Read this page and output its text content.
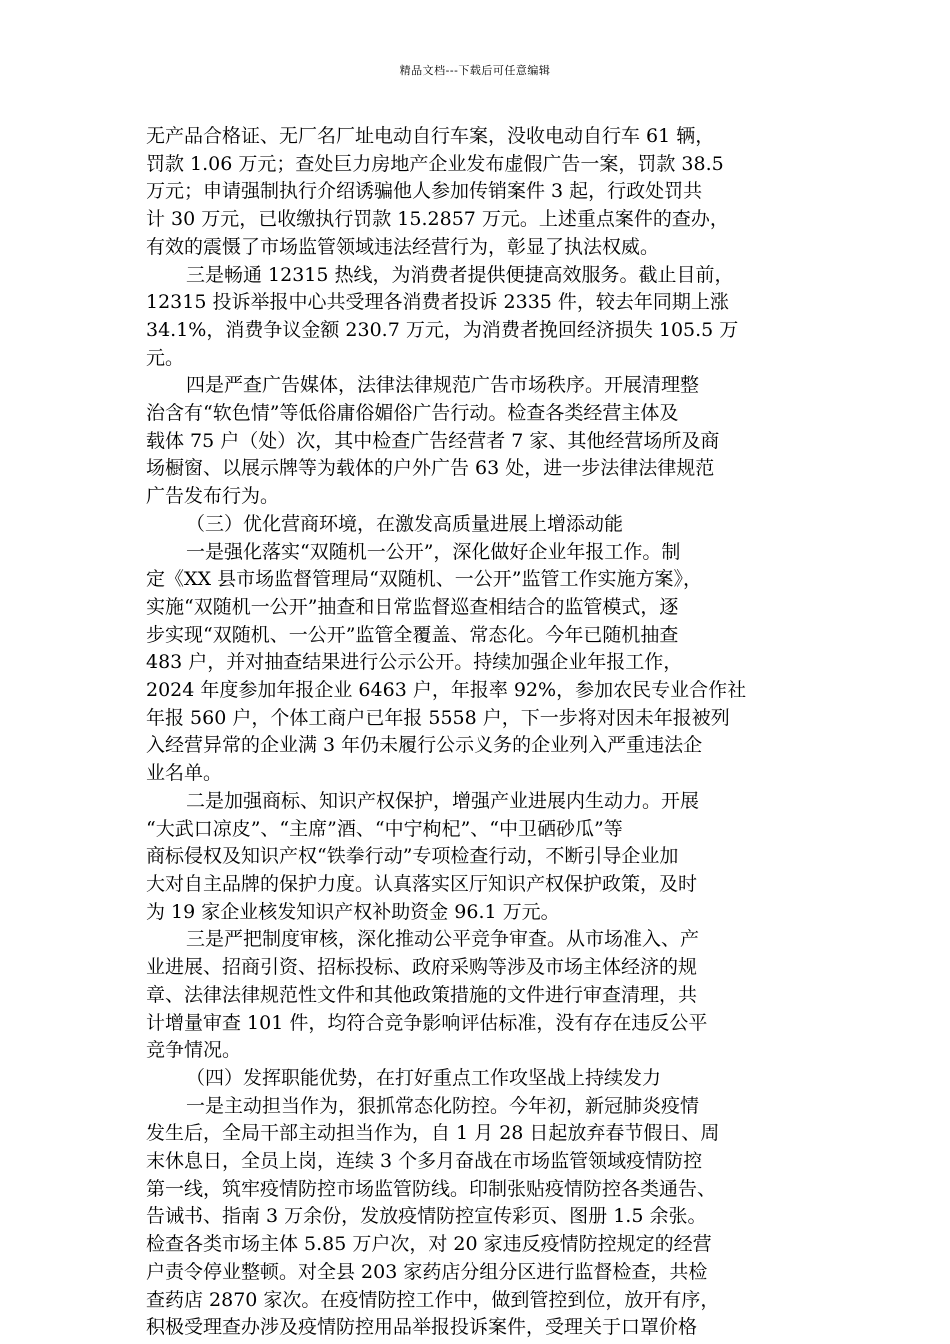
精品文档---下载后可任意编辑
无产品合格证、无厂名厂址电动自行车案，没收电动自行车 61 辆，
罚款 1.06 万元；查处巨力房地产企业发布虚假广告一案，罚款 38.5
万元；申请强制执行介绍诱骗他人参加传销案件 3 起，行政处罚共
计 30 万元，已收缴执行罚款 15.2857 万元。上述重点案件的查办，
有效的震慑了市场监管领域违法经营行为，彰显了执法权威。
三是畅通 12315 热线，为消费者提供便捷高效服务。截止目前，
12315 投诉举报中心共受理各消费者投诉 2335 件，较去年同期上涨
34.1%，消费争议金额 230.7 万元，为消费者挽回经济损失 105.5 万
元。
四是严查广告媒体，法律法律规范广告市场秩序。开展清理整
治含有“软色情”等低俗庸俗媚俗广告行动。检查各类经营主体及
载体 75 户（处）次，其中检查广告经营者 7 家、其他经营场所及商
场橱窗、以展示牌等为载体的户外广告 63 处，进一步法律法律规范
广告发布行为。
（三）优化营商环境，在激发高质量进展上增添动能
一是强化落实“双随机一公开”，深化做好企业年报工作。制
定《XX 县市场监督管理局“双随机、一公开”监管工作实施方案》，
实施“双随机一公开”抽查和日常监督巡查相结合的监管模式，逐
步实现“双随机、一公开”监管全覆盖、常态化。今年已随机抽查
483 户，并对抽查结果进行公示公开。持续加强企业年报工作，
2024 年度参加年报企业 6463 户，年报率 92%，参加农民专业合作社
年报 560 户，个体工商户已年报 5558 户，下一步将对因未年报被列
入经营异常的企业满 3 年仍未履行公示义务的企业列入严重违法企
业名单。
二是加强商标、知识产权保护，增强产业进展内生动力。开展
“大武口凉皮”、“主席”酒、“中宁枸杞”、“中卫硒砂瓜”等
商标侵权及知识产权“铁拳行动”专项检查行动，不断引导企业加
大对自主品牌的保护力度。认真落实区厅知识产权保护政策，及时
为 19 家企业核发知识产权补助资金 96.1 万元。
三是严把制度审核，深化推动公平竞争审查。从市场准入、产
业进展、招商引资、招标投标、政府采购等涉及市场主体经济的规
章、法律法律规范性文件和其他政策措施的文件进行审查清理，共
计增量审查 101 件，均符合竞争影响评估标准，没有存在违反公平
竞争情况。
（四）发挥职能优势，在打好重点工作攻坚战上持续发力
一是主动担当作为，狠抓常态化防控。今年初，新冠肺炎疫情
发生后，全局干部主动担当作为，自 1 月 28 日起放弃春节假日、周
末休息日，全员上岗，连续 3 个多月奋战在市场监管领域疫情防控
第一线，筑牢疫情防控市场监管防线。印制张贴疫情防控各类通告、
告诫书、指南 3 万余份，发放疫情防控宣传彩页、图册 1.5 余张。
检查各类市场主体 5.85 万户次，对 20 家违反疫情防控规定的经营
户责令停业整顿。对全县 203 家药店分组分区进行监督检查，共检
查药店 2870 家次。在疫情防控工作中，做到管控到位，放开有序，
积极受理查办涉及疫情防控用品举报投诉案件，受理关于口罩价格
